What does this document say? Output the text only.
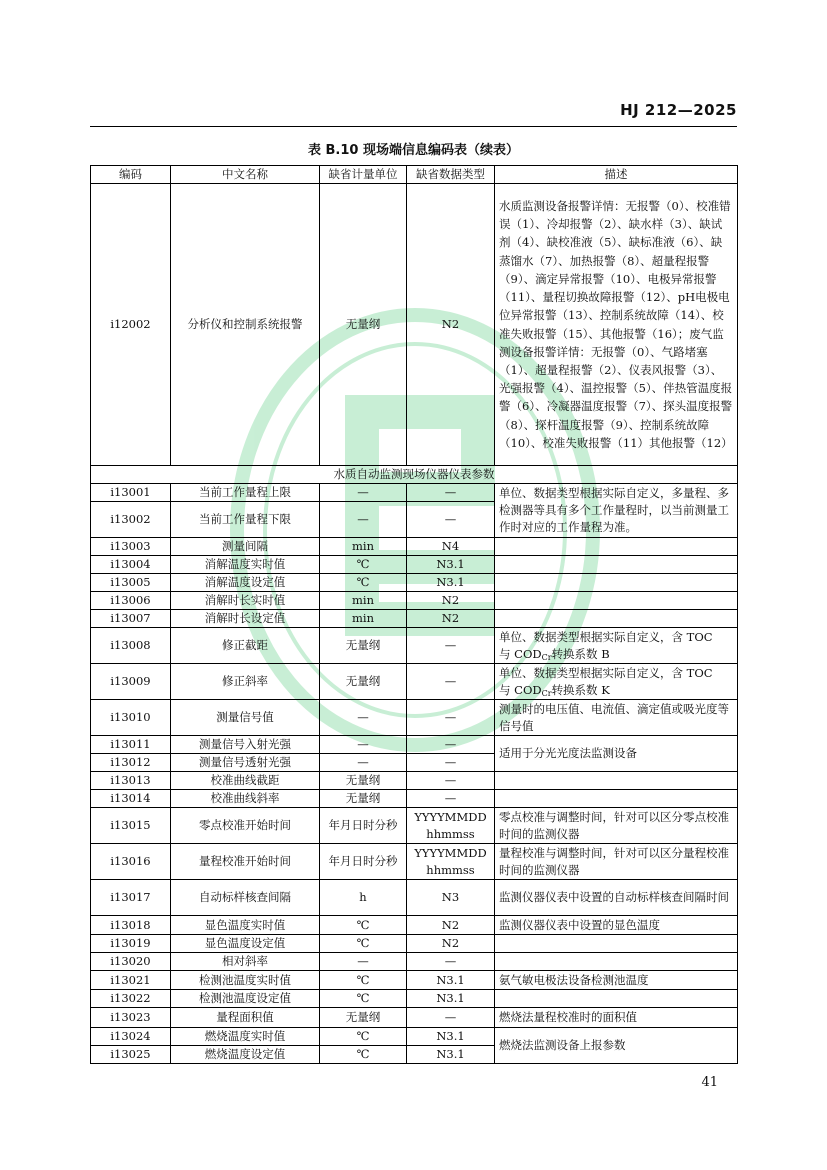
HJ 212—2025
表 B.10 现场端信息编码表（续表）
编码	中文名称	缺省计量单位	缺省数据类型	描述
i12002	分析仪和控制系统报警	无量纲	N2	水质监测设备报警详情：无报警（0）、校准错误（1）、冷却报警（2）、缺水样（3）、缺试剂（4）、缺校准液（5）、缺标准液（6）、缺蒸馏水（7）、加热报警（8）、超量程报警（9）、滴定异常报警（10）、电极异常报警（11）、量程切换故障报警（12）、pH电极电位异常报警（13）、控制系统故障（14）、校准失败报警（15）、其他报警（16）；废气监测设备报警详情：无报警（0）、气路堵塞（1）、超量程报警（2）、仪表风报警（3）、光强报警（4）、温控报警（5）、伴热管温度报警（6）、冷凝器温度报警（7）、探头温度报警（8）、探杆温度报警（9）、控制系统故障（10）、校准失败报警（11）其他报警（12）
水质自动监测现场仪器仪表参数				
i13001	当前工作量程上限	—	—	单位、数据类型根据实际自定义，多量程、多检测器等具有多个工作量程时，以当前测量工作时对应的工作量程为准。
i13002	当前工作量程下限	—	—	
i13003	测量间隔	min	N4	
i13004	消解温度实时值	℃	N3.1	
i13005	消解温度设定值	℃	N3.1	
i13006	消解时长实时值	min	N2	
i13007	消解时长设定值	min	N2	
i13008	修正截距	无量纲	—	单位、数据类型根据实际自定义，含 TOC
与 $COD_{Cr}$转换系数 B
i13009	修正斜率	无量纲	—	单位、数据类型根据实际自定义，含 TOC
与 $COD_{Cr}$转换系数 K
i13010	测量信号值	—	—	测量时的电压值、电流值、滴定值或吸光度等信号值
i13011	测量信号入射光强	—	—	适用于分光光度法监测设备
i13012	测量信号透射光强	—	—	
i13013	校准曲线截距	无量纲	—	
i13014	校准曲线斜率	无量纲	—	
i13015	零点校准开始时间	年月日时分秒	YYYYMMDD
hhmmss	零点校准与调整时间，针对可以区分零点校准时间的监测仪器
i13016	量程校准开始时间	年月日时分秒	YYYYMMDD
hhmmss	量程校准与调整时间，针对可以区分量程校准时间的监测仪器
i13017	自动标样核查间隔	h	N3	监测仪器仪表中设置的自动标样核查间隔时间
i13018	显色温度实时值	℃	N2	监测仪器仪表中设置的显色温度
i13019	显色温度设定值	℃	N2	
i13020	相对斜率	—	—	
i13021	检测池温度实时值	℃	N3.1	氨气敏电极法设备检测池温度
i13022	检测池温度设定值	℃	N3.1	
i13023	量程面积值	无量纲	—	燃烧法量程校准时的面积值
i13024	燃烧温度实时值	℃	N3.1	燃烧法监测设备上报参数
i13025	燃烧温度设定值	℃	N3.1	
41
